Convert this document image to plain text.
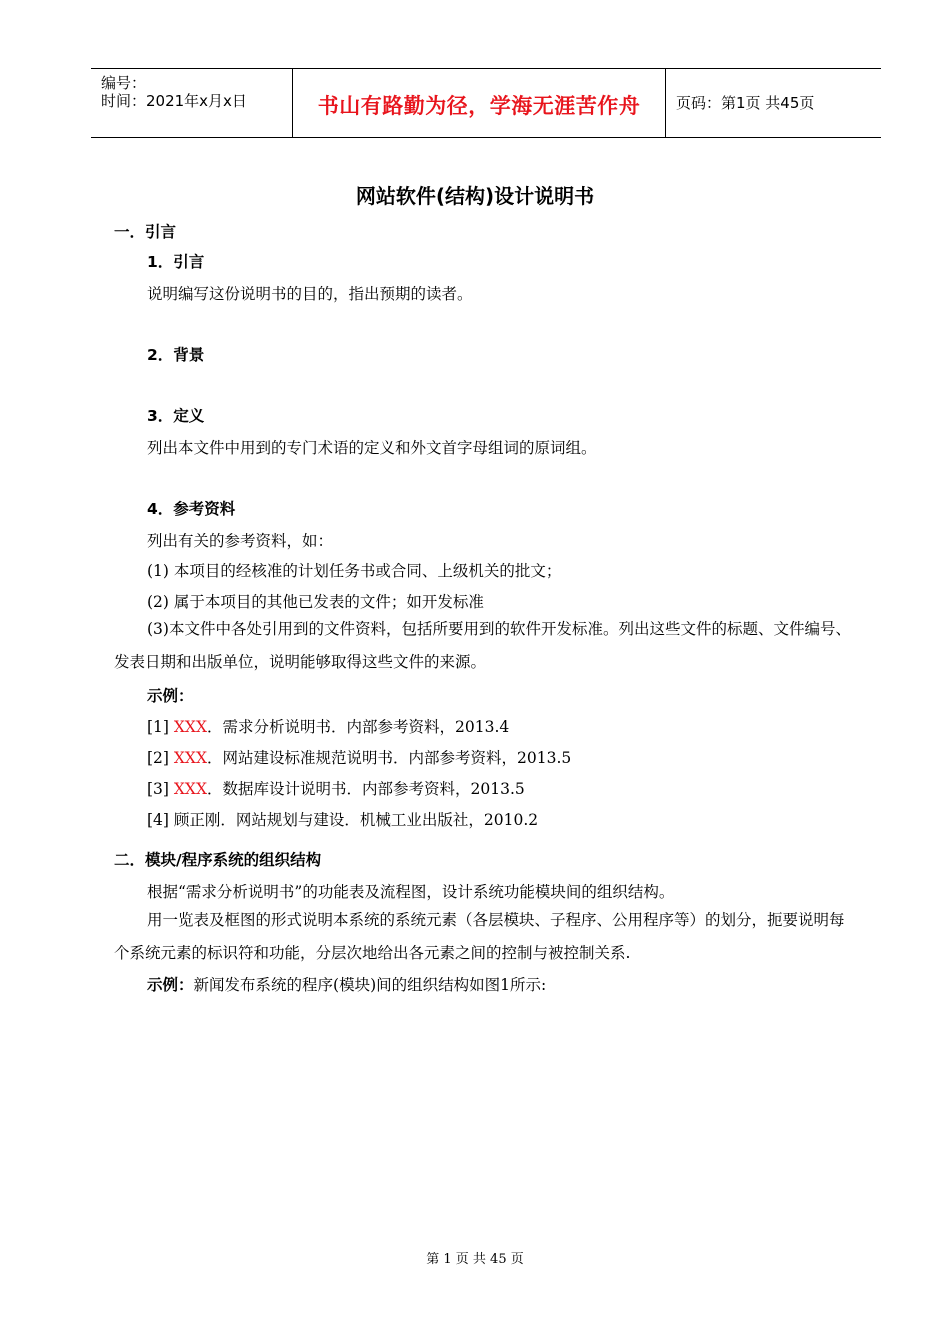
编号：
时间：2021年x月x日	书山有路勤为径，学海无涯苦作舟	页码：第1页 共45页
网站软件(结构)设计说明书
一．引言
1．引言
说明编写这份说明书的目的，指出预期的读者。
2．背景
3．定义
列出本文件中用到的专门术语的定义和外文首字母组词的原词组。
4．参考资料
列出有关的参考资料，如：
(1) 本项目的经核准的计划任务书或合同、上级机关的批文；
(2) 属于本项目的其他已发表的文件；如开发标准
(3)本文件中各处引用到的文件资料，包括所要用到的软件开发标准。列出这些文件的标题、文件编号、发表日期和出版单位，说明能够取得这些文件的来源。
示例：
[1] XXX．需求分析说明书．内部参考资料，2013.4
[2] XXX．网站建设标准规范说明书．内部参考资料，2013.5
[3] XXX．数据库设计说明书．内部参考资料，2013.5
[4] 顾正刚．网站规划与建设．机械工业出版社，2010.2
二．模块/程序系统的组织结构
根据“需求分析说明书”的功能表及流程图，设计系统功能模块间的组织结构。
用一览表及框图的形式说明本系统的系统元素（各层模块、子程序、公用程序等）的划分，扼要说明每个系统元素的标识符和功能，分层次地给出各元素之间的控制与被控制关系.
示例：新闻发布系统的程序(模块)间的组织结构如图1所示:
第 1 页 共 45 页
